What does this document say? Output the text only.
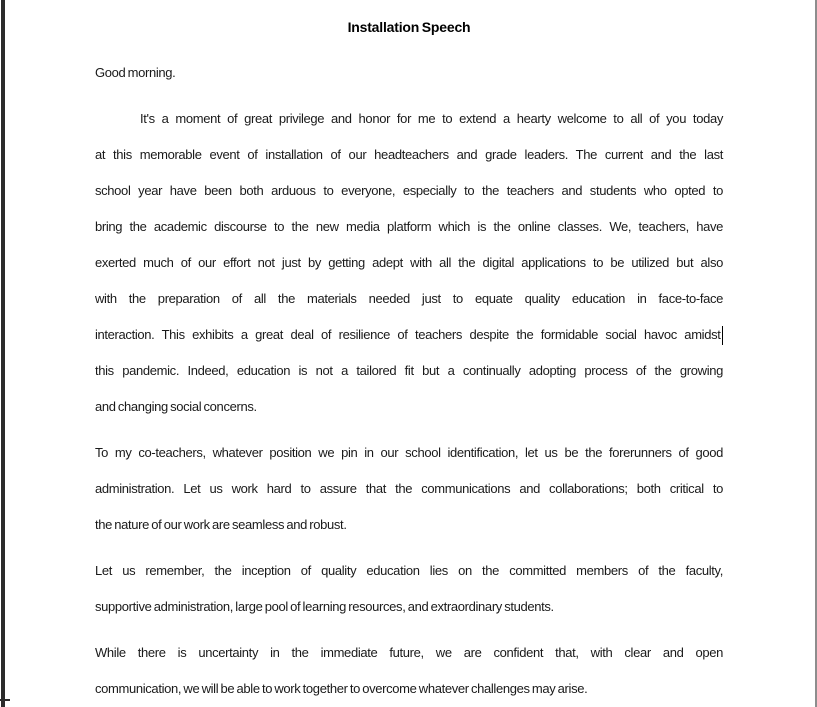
Installation Speech
Good morning.
It's a moment of great privilege and honor for me to extend a hearty welcome to all of you today
at this memorable event of installation of our headteachers and grade leaders. The current and the last
school year have been both arduous to everyone, especially to the teachers and students who opted to
bring the academic discourse to the new media platform which is the online classes. We, teachers, have
exerted much of our effort not just by getting adept with all the digital applications to be utilized but also
with the preparation of all the materials needed just to equate quality education in face-to-face
interaction. This exhibits a great deal of resilience of teachers despite the formidable social havoc amidst
this pandemic. Indeed, education is not a tailored fit but a continually adopting process of the growing
and changing social concerns.
To my co-teachers, whatever position we pin in our school identification, let us be the forerunners of good
administration. Let us work hard to assure that the communications and collaborations; both critical to
the nature of our work are seamless and robust.
Let us remember, the inception of quality education lies on the committed members of the faculty,
supportive administration, large pool of learning resources, and extraordinary students.
While there is uncertainty in the immediate future, we are confident that, with clear and open
communication, we will be able to work together to overcome whatever challenges may arise.
